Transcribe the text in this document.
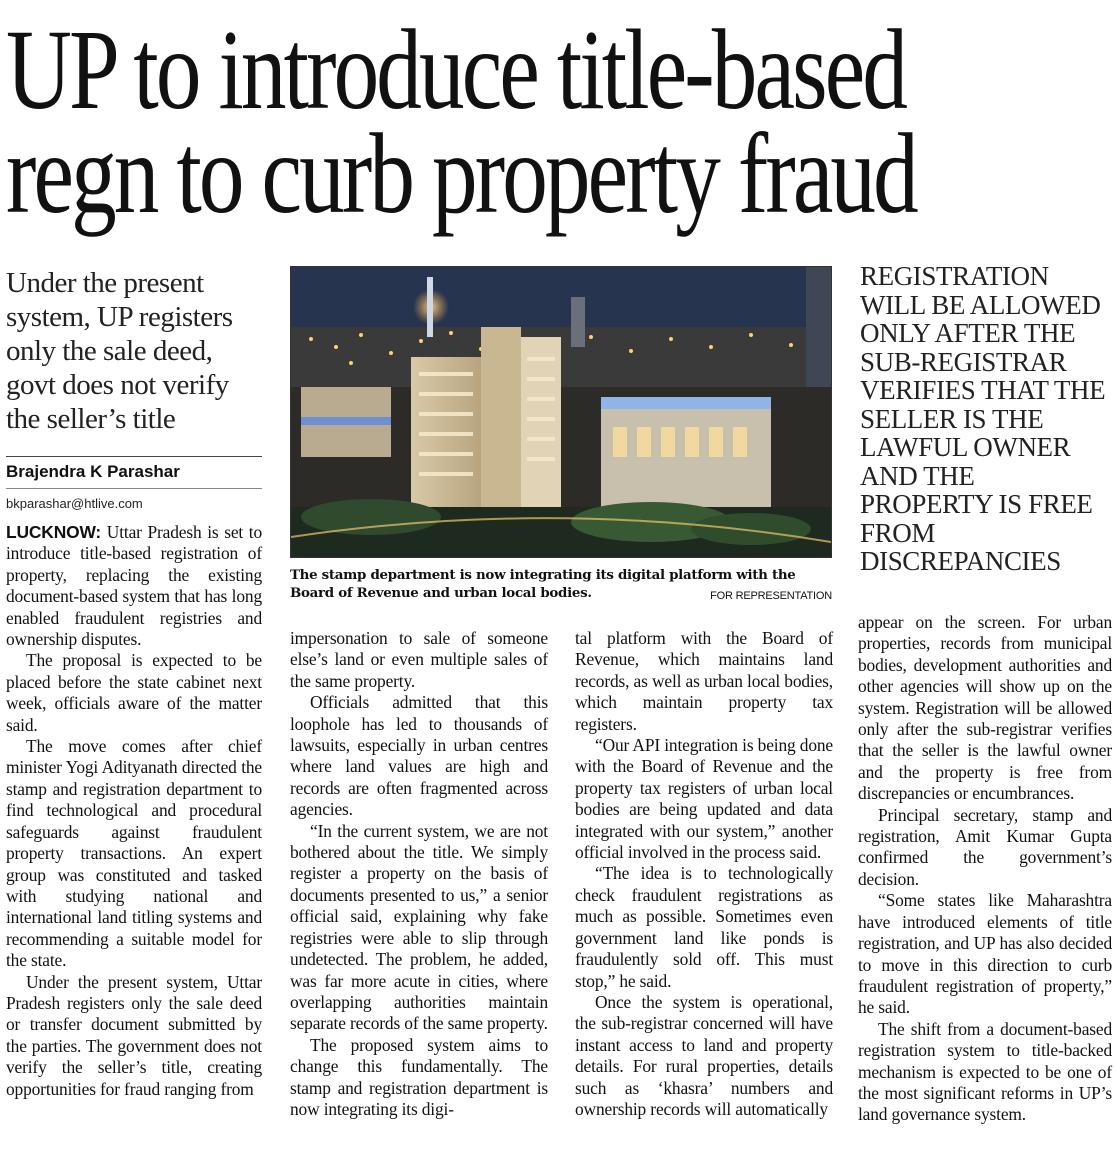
UP to introduce title-based
regn to curb property fraud

Under the present system, UP registers only the sale deed, govt does not verify the seller’s title

Brajendra K Parashar
bkparashar@htlive.com
The stamp department is now integrating its digital platform with the Board of Revenue and urban local bodies.	FOR REPRESENTATION

REGISTRATION WILL BE ALLOWED ONLY AFTER THE SUB-REGISTRAR VERIFIES THAT THE SELLER IS THE LAWFUL OWNER AND THE PROPERTY IS FREE FROM DISCREPANCIES

LUCKNOW: Uttar Pradesh is set to introduce title-based registration of property, replacing the existing document-based system that has long enabled fraudulent registries and ownership disputes.

The proposal is expected to be placed before the state cabinet next week, officials aware of the matter said.

The move comes after chief minister Yogi Adityanath directed the stamp and registration department to find technological and procedural safeguards against fraudulent property transactions. An expert group was constituted and tasked with studying national and international land titling systems and recommending a suitable model for the state.

Under the present system, Uttar Pradesh registers only the sale deed or transfer document submitted by the parties. The government does not verify the seller’s title, creating opportunities for fraud ranging from

impersonation to sale of someone else’s land or even multiple sales of the same property.

Officials admitted that this loophole has led to thousands of lawsuits, especially in urban centres where land values are high and records are often fragmented across agencies.

“In the current system, we are not bothered about the title. We simply register a property on the basis of documents presented to us,” a senior official said, explaining why fake registries were able to slip through undetected. The problem, he added, was far more acute in cities, where overlapping authorities maintain separate records of the same property.

The proposed system aims to change this fundamentally. The stamp and registration department is now integrating its digi-

tal platform with the Board of Revenue, which maintains land records, as well as urban local bodies, which maintain property tax registers.

“Our API integration is being done with the Board of Revenue and the property tax registers of urban local bodies are being updated and data integrated with our system,” another official involved in the process said.

“The idea is to technologically check fraudulent registrations as much as possible. Sometimes even government land like ponds is fraudulently sold off. This must stop,” he said.

Once the system is operational, the sub-registrar concerned will have instant access to land and property details. For rural properties, details such as ‘khasra’ numbers and ownership records will automatically

appear on the screen. For urban properties, records from municipal bodies, development authorities and other agencies will show up on the system. Registration will be allowed only after the sub-registrar verifies that the seller is the lawful owner and the property is free from discrepancies or encumbrances.

Principal secretary, stamp and registration, Amit Kumar Gupta confirmed the government’s decision.

“Some states like Maharashtra have introduced elements of title registration, and UP has also decided to move in this direction to curb fraudulent registration of property,” he said.

The shift from a document-based registration system to title-backed mechanism is expected to be one of the most significant reforms in UP’s land governance system.
